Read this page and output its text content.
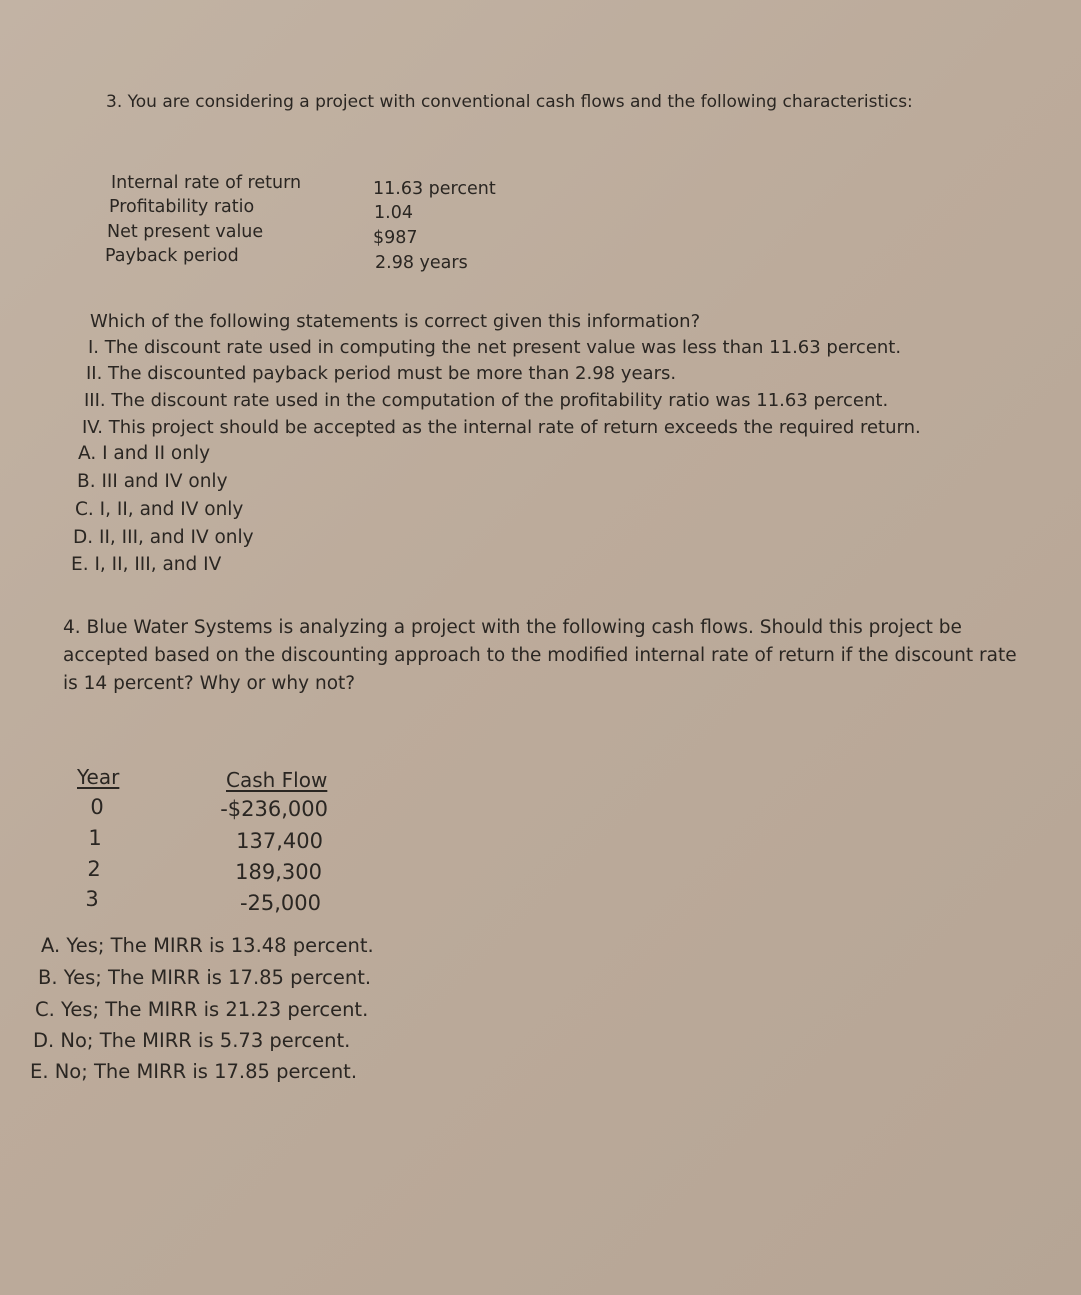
3. You are considering a project with conventional cash flows and the following characteristics:
Internal rate of return
Profitability ratio
Net present value
Payback period
11.63 percent
1.04
$987
2.98 years
Which of the following statements is correct given this information?
I. The discount rate used in computing the net present value was less than 11.63 percent.
II. The discounted payback period must be more than 2.98 years.
III. The discount rate used in the computation of the profitability ratio was 11.63 percent.
IV. This project should be accepted as the internal rate of return exceeds the required return.
A. I and II only
B. III and IV only
C. I, II, and IV only
D. II, III, and IV only
E. I, II, III, and IV
4. Blue Water Systems is analyzing a project with the following cash flows. Should this project be accepted based on the discounting approach to the modified internal rate of return if the discount rate is 14 percent? Why or why not?
Year	Cash Flow
0
1
2
3
-$236,000
137,400
189,300
-25,000
A. Yes; The MIRR is 13.48 percent.
B. Yes; The MIRR is 17.85 percent.
C. Yes; The MIRR is 21.23 percent.
D. No; The MIRR is 5.73 percent.
E. No; The MIRR is 17.85 percent.
